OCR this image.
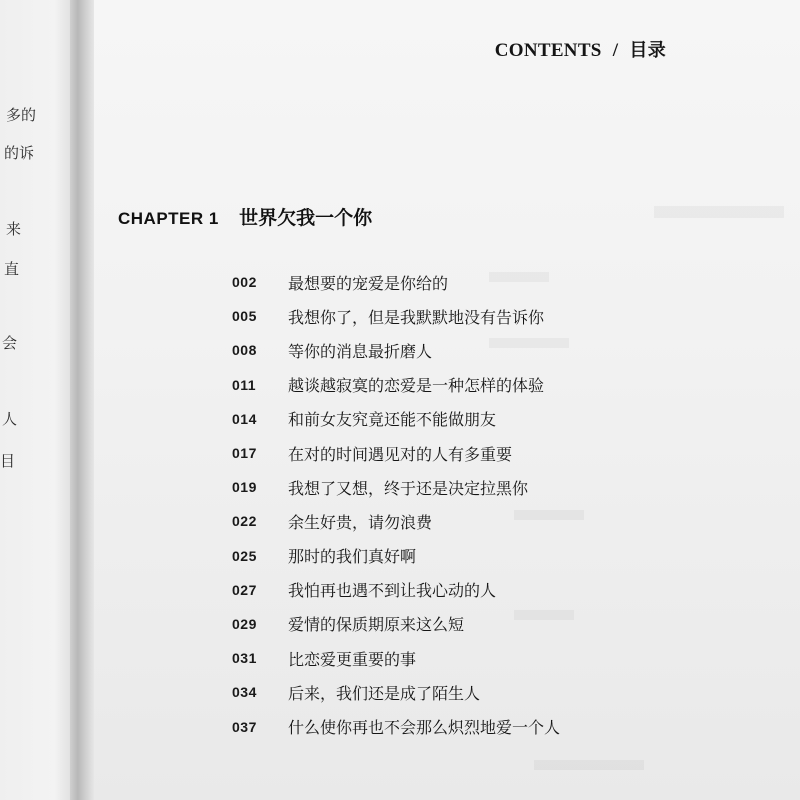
多的
的诉
来
直
会
人
目
CONTENTS / 目录
CHAPTER 1 世界欠我一个你
002	最想要的宠爱是你给的
005	我想你了，但是我默默地没有告诉你
008	等你的消息最折磨人
011	越谈越寂寞的恋爱是一种怎样的体验
014	和前女友究竟还能不能做朋友
017	在对的时间遇见对的人有多重要
019	我想了又想，终于还是决定拉黑你
022	余生好贵，请勿浪费
025	那时的我们真好啊
027	我怕再也遇不到让我心动的人
029	爱情的保质期原来这么短
031	比恋爱更重要的事
034	后来，我们还是成了陌生人
037	什么使你再也不会那么炽烈地爱一个人
